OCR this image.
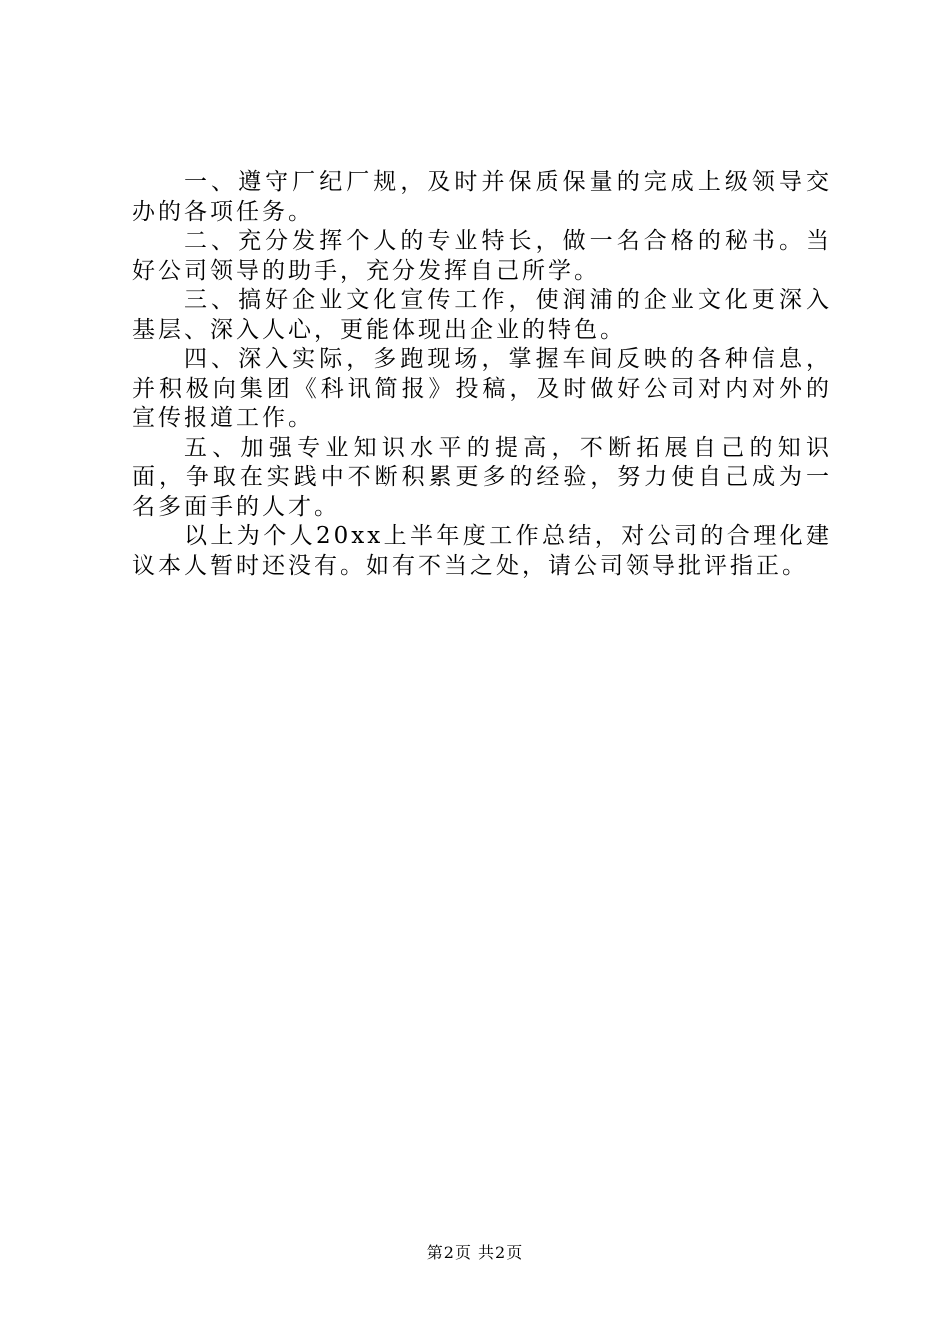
一、遵守厂纪厂规，及时并保质保量的完成上级领导交办的各项任务。

二、充分发挥个人的专业特长，做一名合格的秘书。当好公司领导的助手，充分发挥自己所学。

三、搞好企业文化宣传工作，使润浦的企业文化更深入基层、深入人心，更能体现出企业的特色。

四、深入实际，多跑现场，掌握车间反映的各种信息，并积极向集团《科讯简报》投稿，及时做好公司对内对外的宣传报道工作。

五、加强专业知识水平的提高，不断拓展自己的知识面，争取在实践中不断积累更多的经验，努力使自己成为一名多面手的人才。

以上为个人20xx上半年度工作总结，对公司的合理化建议本人暂时还没有。如有不当之处，请公司领导批评指正。

第2页 共2页
